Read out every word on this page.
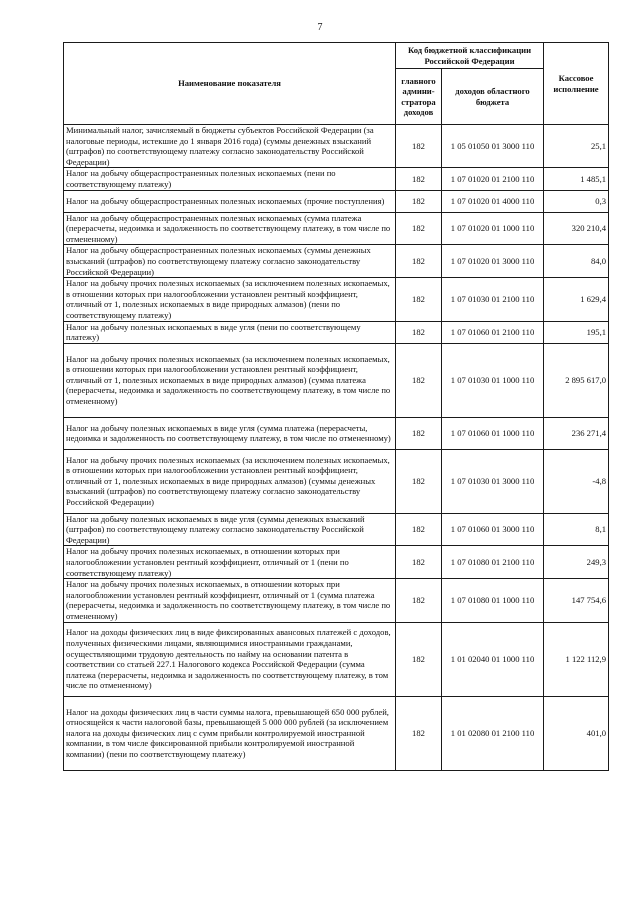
7
Наименование показателя	Код бюджетной классификации Российской Федерации		Кассовое исполнение
	главного админи-стратора доходов	доходов областного бюджета	
Минимальный налог, зачисляемый в бюджеты субъектов Российской Федерации (за налоговые периоды, истекшие до 1 января 2016 года) (суммы денежных взысканий (штрафов) по соответствующему платежу согласно законодательству Российской Федерации)	182	1 05 01050 01 3000 110	25,1
Налог на добычу общераспространенных полезных ископаемых (пени по соответствующему платежу)	182	1 07 01020 01 2100 110	1 485,1
Налог на добычу общераспространенных полезных ископаемых (прочие поступления)	182	1 07 01020 01 4000 110	0,3
Налог на добычу общераспространенных полезных ископаемых (сумма платежа (перерасчеты, недоимка и задолженность по соответствующему платежу, в том числе по отмененному)	182	1 07 01020 01 1000 110	320 210,4
Налог на добычу общераспространенных полезных ископаемых (суммы денежных взысканий (штрафов) по соответствующему платежу согласно законодательству Российской Федерации)	182	1 07 01020 01 3000 110	84,0
Налог на добычу прочих полезных ископаемых (за исключением полезных ископаемых, в отношении которых при налогообложении установлен рентный коэффициент, отличный от 1, полезных ископаемых в виде природных алмазов) (пени по соответствующему платежу)	182	1 07 01030 01 2100 110	1 629,4
Налог на добычу полезных ископаемых в виде угля (пени по соответствующему платежу)	182	1 07 01060 01 2100 110	195,1
Налог на добычу прочих полезных ископаемых (за исключением полезных ископаемых, в отношении которых при налогообложении установлен рентный коэффициент, отличный от 1, полезных ископаемых в виде природных алмазов) (сумма платежа (перерасчеты, недоимка и задолженность по соответствующему платежу, в том числе по отмененному)	182	1 07 01030 01 1000 110	2 895 617,0
Налог на добычу полезных ископаемых в виде угля (сумма платежа (перерасчеты, недоимка и задолженность по соответствующему платежу, в том числе по отмененному)	182	1 07 01060 01 1000 110	236 271,4
Налог на добычу прочих полезных ископаемых (за исключением полезных ископаемых, в отношении которых при налогообложении установлен рентный коэффициент, отличный от 1, полезных ископаемых в виде природных алмазов) (суммы денежных взысканий (штрафов) по соответствующему платежу согласно законодательству Российской Федерации)	182	1 07 01030 01 3000 110	-4,8
Налог на добычу полезных ископаемых в виде угля (суммы денежных взысканий (штрафов) по соответствующему платежу согласно законодательству Российской Федерации)	182	1 07 01060 01 3000 110	8,1
Налог на добычу прочих полезных ископаемых, в отношении которых при налогообложении установлен рентный коэффициент, отличный от 1 (пени по соответствующему платежу)	182	1 07 01080 01 2100 110	249,3
Налог на добычу прочих полезных ископаемых, в отношении которых при налогообложении установлен рентный коэффициент, отличный от 1 (сумма платежа (перерасчеты, недоимка и задолженность по соответствующему платежу, в том числе по отмененному)	182	1 07 01080 01 1000 110	147 754,6
Налог на доходы физических лиц в виде фиксированных авансовых платежей с доходов, полученных физическими лицами, являющимися иностранными гражданами, осуществляющими трудовую деятельность по найму на основании патента в соответствии со статьей 227.1 Налогового кодекса Российской Федерации (сумма платежа (перерасчеты, недоимка и задолженность по соответствующему платежу, в том числе по отмененному)	182	1 01 02040 01 1000 110	1 122 112,9
Налог на доходы физических лиц в части суммы налога, превышающей 650 000 рублей, относящейся к части налоговой базы, превышающей 5 000 000 рублей (за исключением налога на доходы физических лиц с сумм прибыли контролируемой иностранной компании, в том числе фиксированной прибыли контролируемой иностранной компании) (пени по соответствующему платежу)	182	1 01 02080 01 2100 110	401,0
